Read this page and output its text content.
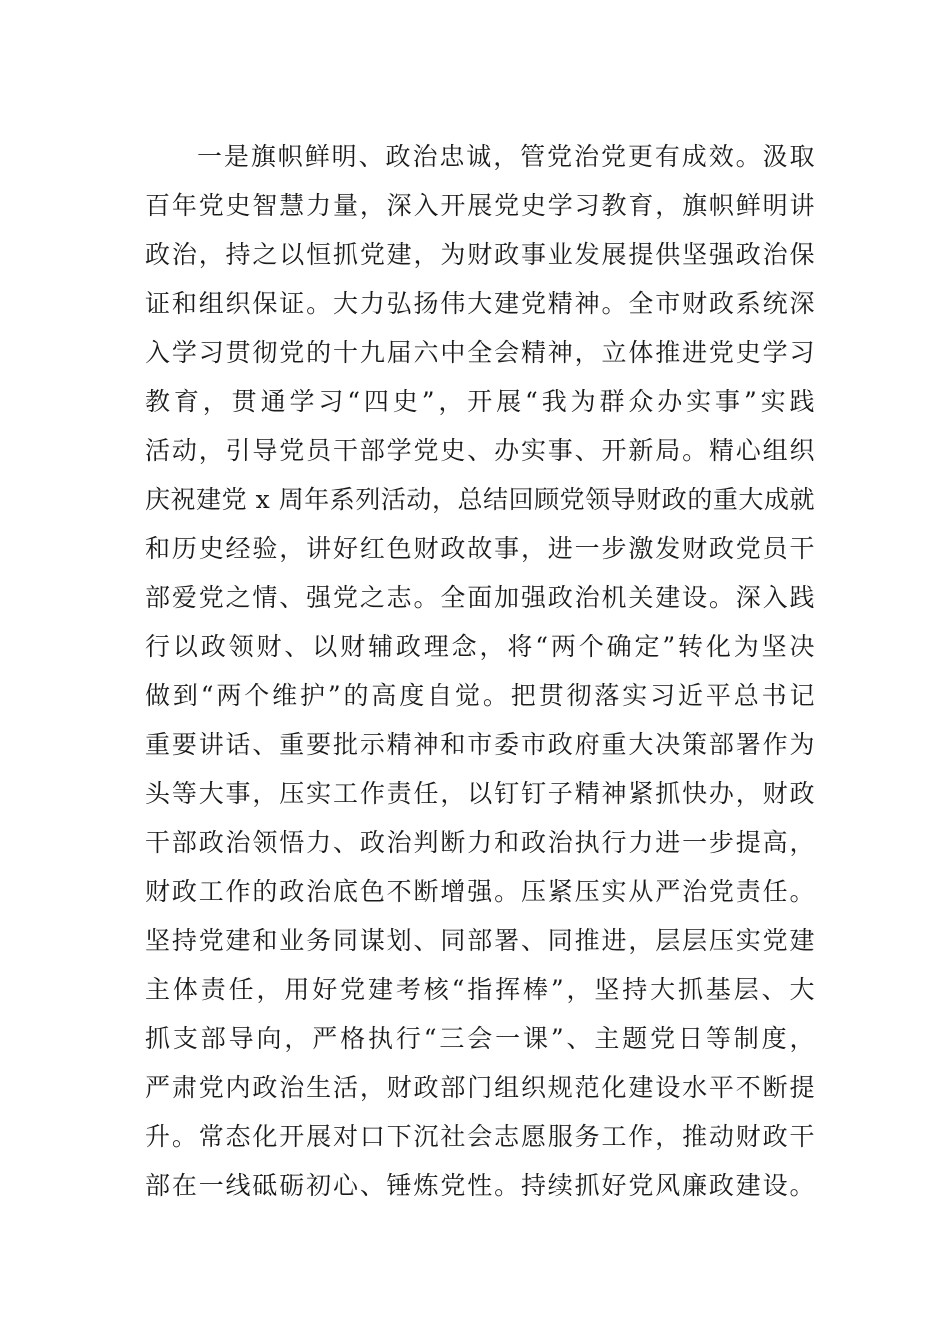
一是旗帜鲜明、政治忠诚，管党治党更有成效。汲取
百年党史智慧力量，深入开展党史学习教育，旗帜鲜明讲
政治，持之以恒抓党建，为财政事业发展提供坚强政治保
证和组织保证。大力弘扬伟大建党精神。全市财政系统深
入学习贯彻党的十九届六中全会精神，立体推进党史学习
教育，贯通学习“四史”，开展“我为群众办实事”实践
活动，引导党员干部学党史、办实事、开新局。精心组织
庆祝建党 x 周年系列活动，总结回顾党领导财政的重大成就
和历史经验，讲好红色财政故事，进一步激发财政党员干
部爱党之情、强党之志。全面加强政治机关建设。深入践
行以政领财、以财辅政理念，将“两个确定”转化为坚决
做到“两个维护”的高度自觉。把贯彻落实习近平总书记
重要讲话、重要批示精神和市委市政府重大决策部署作为
头等大事，压实工作责任，以钉钉子精神紧抓快办，财政
干部政治领悟力、政治判断力和政治执行力进一步提高，
财政工作的政治底色不断增强。压紧压实从严治党责任。
坚持党建和业务同谋划、同部署、同推进，层层压实党建
主体责任，用好党建考核“指挥棒”，坚持大抓基层、大
抓支部导向，严格执行“三会一课”、主题党日等制度，
严肃党内政治生活，财政部门组织规范化建设水平不断提
升。常态化开展对口下沉社会志愿服务工作，推动财政干
部在一线砥砺初心、锤炼党性。持续抓好党风廉政建设。
